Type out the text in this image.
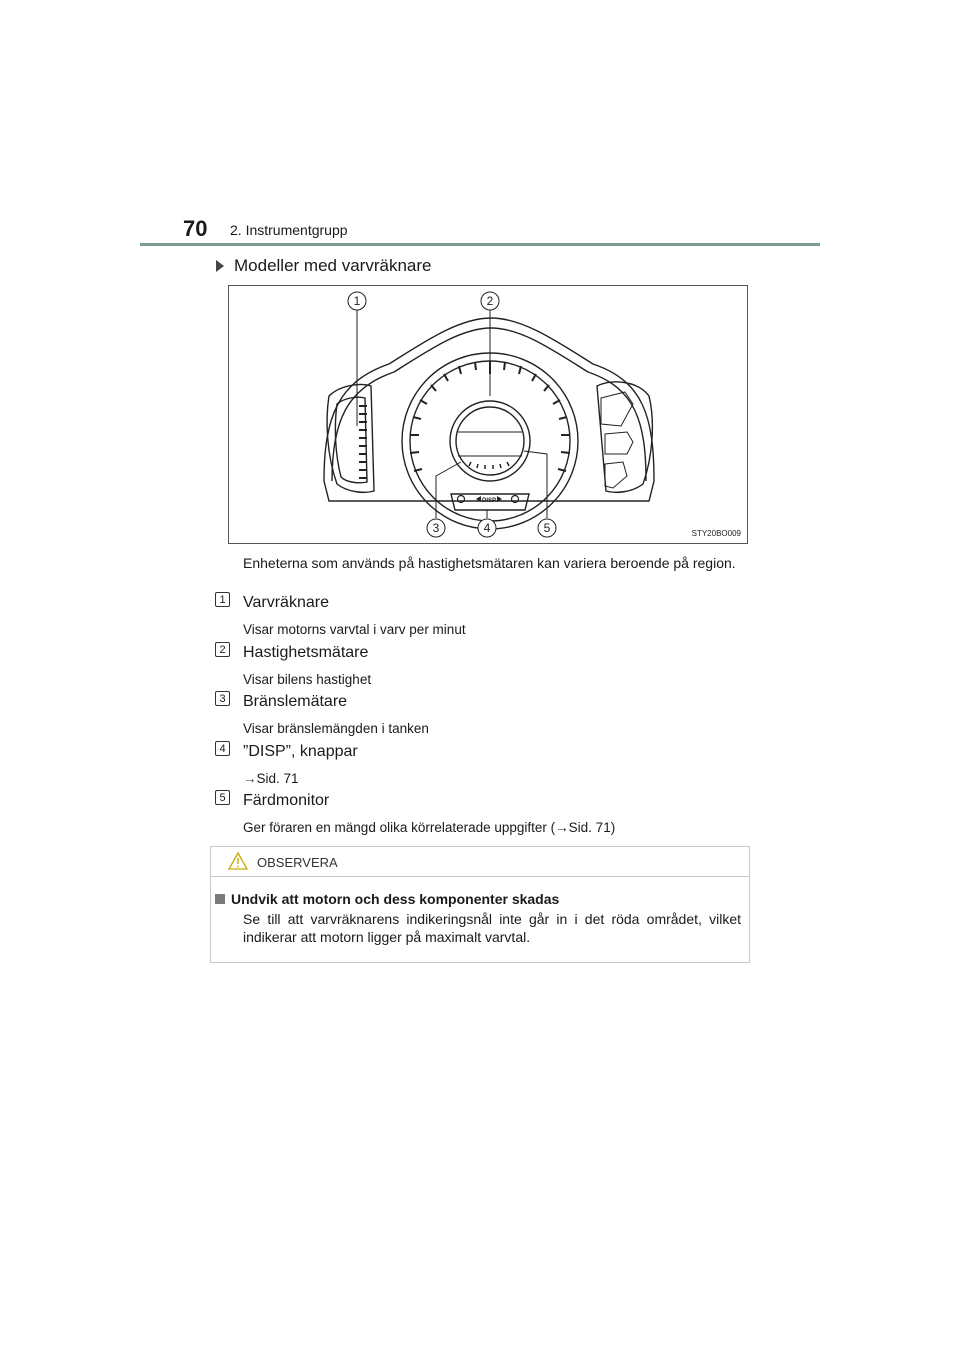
70 2. Instrumentgrupp
Modeller med varvräknare
DISP
1	2
3	4	5	STY20BO009
Enheterna som används på hastighetsmätaren kan variera beroende på region.
1 Varvräknare
Visar motorns varvtal i varv per minut
2 Hastighetsmätare
Visar bilens hastighet
3 Bränslemätare
Visar bränslemängden i tanken
4 ”DISP”, knappar
→Sid. 71
5 Färdmonitor
Ger föraren en mängd olika körrelaterade uppgifter (→Sid. 71)
OBSERVERA
Undvik att motorn och dess komponenter skadas
Se till att varvräknarens indikeringsnål inte går in i det röda området, vilket indikerar att motorn ligger på maximalt varvtal.
